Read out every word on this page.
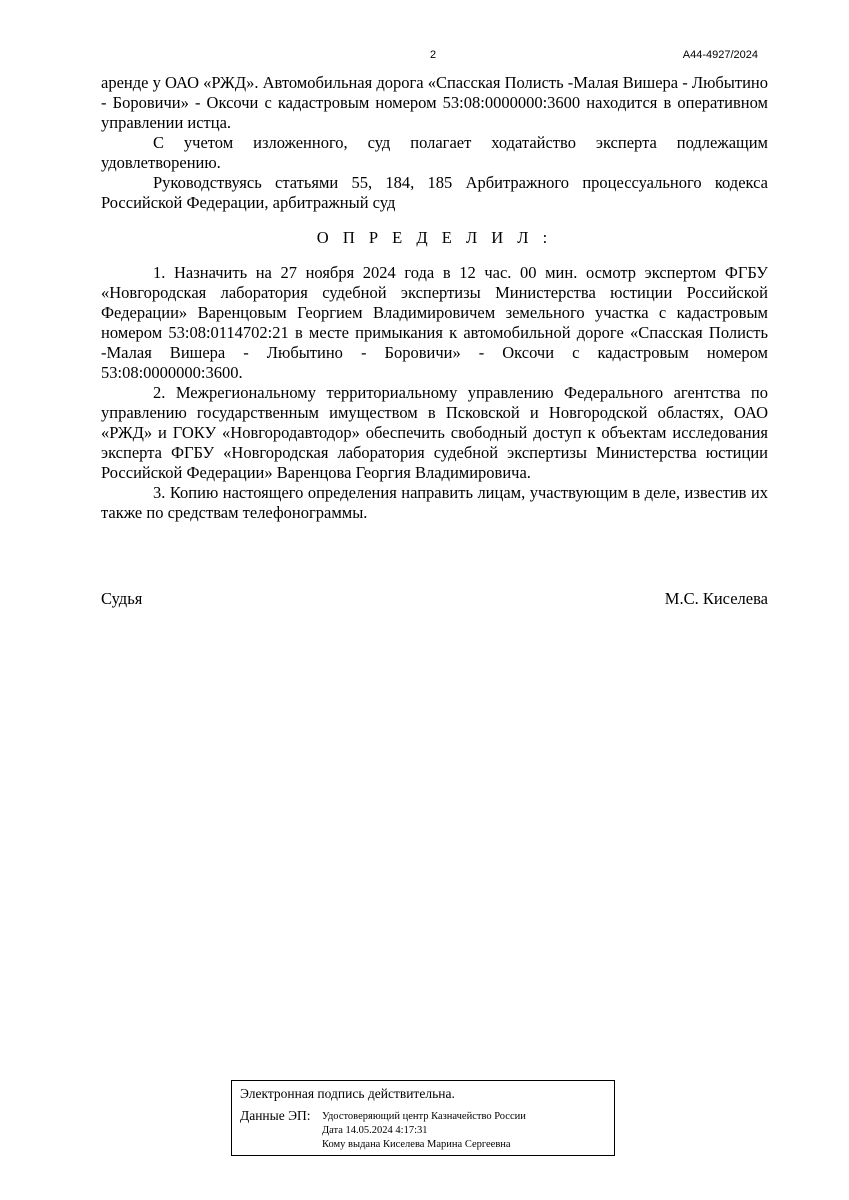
2	А44-4927/2024

аренде у ОАО «РЖД». Автомобильная дорога «Спасская Полисть -Малая Вишера - Любытино - Боровичи» - Оксочи с кадастровым номером 53:08:0000000:3600 находится в оперативном управлении истца.

С учетом изложенного, суд полагает ходатайство эксперта подлежащим удовлетворению.

Руководствуясь статьями 55, 184, 185 Арбитражного процессуального кодекса Российской Федерации, арбитражный суд

О П Р Е Д Е Л И Л :

1. Назначить на 27 ноября 2024 года в 12 час. 00 мин. осмотр экспертом ФГБУ «Новгородская лаборатория судебной экспертизы Министерства юстиции Российской Федерации» Варенцовым Георгием Владимировичем земельного участка с кадастровым номером 53:08:0114702:21 в месте примыкания к автомобильной дороге «Спасская Полисть -Малая Вишера - Любытино - Боровичи» - Оксочи с кадастровым номером 53:08:0000000:3600.

2. Межрегиональному территориальному управлению Федерального агентства по управлению государственным имуществом в Псковской и Новгородской областях, ОАО «РЖД» и ГОКУ «Новгородавтодор» обеспечить свободный доступ к объектам исследования эксперта ФГБУ «Новгородская лаборатория судебной экспертизы Министерства юстиции Российской Федерации» Варенцова Георгия Владимировича.

3. Копию настоящего определения направить лицам, участвующим в деле, известив их также по средствам телефонограммы.

Судья	М.С. Киселева
Электронная подпись действительна.
Данные ЭП: Удостоверяющий центр Казначейство России
Дата 14.05.2024 4:17:31
Кому выдана Киселева Марина Сергеевна
